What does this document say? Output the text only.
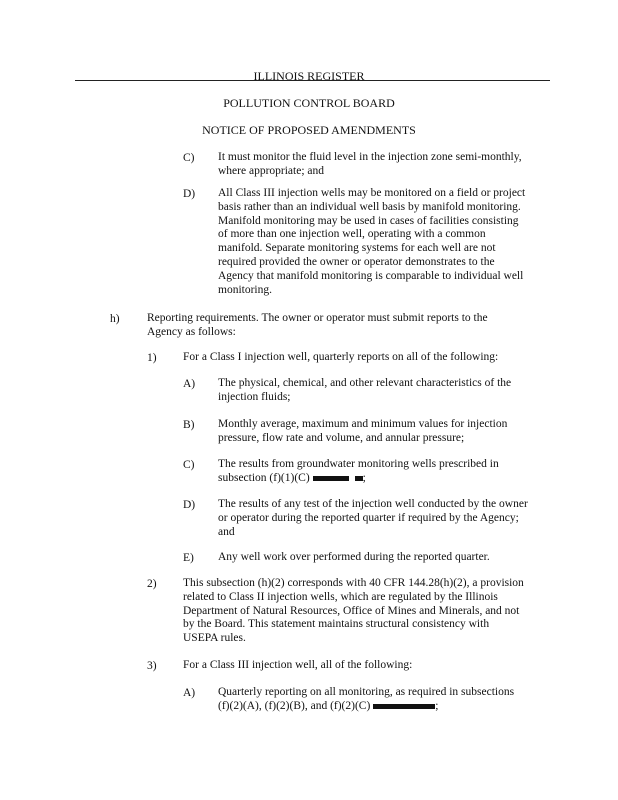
ILLINOIS REGISTER
POLLUTION CONTROL BOARD
NOTICE OF PROPOSED AMENDMENTS
C) It must monitor the fluid level in the injection zone semi-monthly,
where appropriate; and
D) All Class III injection wells may be monitored on a field or project
basis rather than an individual well basis by manifold monitoring.
Manifold monitoring may be used in cases of facilities consisting
of more than one injection well, operating with a common
manifold. Separate monitoring systems for each well are not
required provided the owner or operator demonstrates to the
Agency that manifold monitoring is comparable to individual well
monitoring.
h) Reporting requirements. The owner or operator must submit reports to the
Agency as follows:
1) For a Class I injection well, quarterly reports on all of the following:
A) The physical, chemical, and other relevant characteristics of the
injection fluids;
B) Monthly average, maximum and minimum values for injection
pressure, flow rate and volume, and annular pressure;
C) The results from groundwater monitoring wells prescribed in
subsection (f)(1)(C)	;
D) The results of any test of the injection well conducted by the owner
or operator during the reported quarter if required by the Agency;
and
E) Any well work over performed during the reported quarter.
2) This subsection (h)(2) corresponds with 40 CFR 144.28(h)(2), a provision
related to Class II injection wells, which are regulated by the Illinois
Department of Natural Resources, Office of Mines and Minerals, and not
by the Board. This statement maintains structural consistency with
USEPA rules.
3) For a Class III injection well, all of the following:
A) Quarterly reporting on all monitoring, as required in subsections
(f)(2)(A), (f)(2)(B), and (f)(2)(C)	;
